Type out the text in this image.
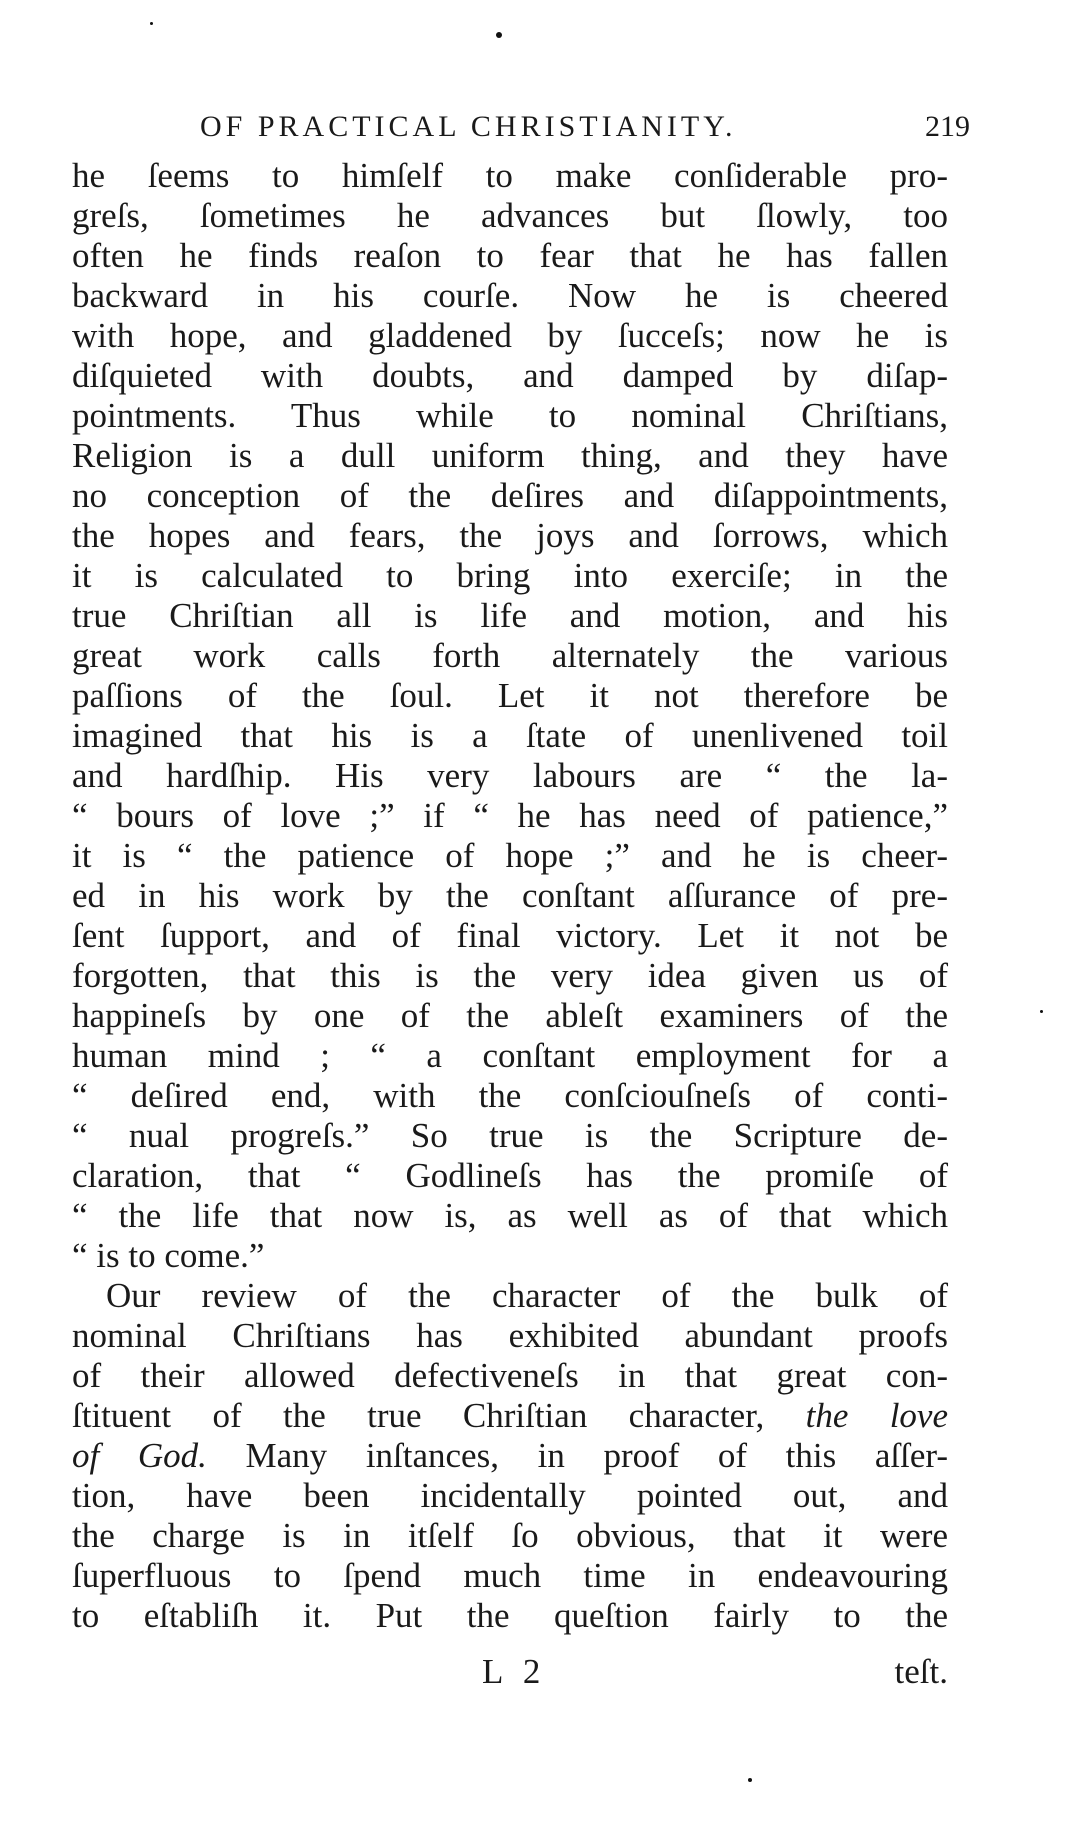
OF PRACTICAL CHRISTIANITY.	219
he ſeems to himſelf to make conſiderable pro-
greſs, ſometimes he advances but ſlowly, too
often he finds reaſon to fear that he has fallen
backward in his courſe. Now he is cheered
with hope, and gladdened by ſucceſs; now he is
diſquieted with doubts, and damped by diſap-
pointments. Thus while to nominal Chriſtians,
Religion is a dull uniform thing, and they have
no conception of the deſires and diſappointments,
the hopes and fears, the joys and ſorrows, which
it is calculated to bring into exerciſe; in the
true Chriſtian all is life and motion, and his
great work calls forth alternately the various
paſſions of the ſoul. Let it not therefore be
imagined that his is a ſtate of unenlivened toil
and hardſhip. His very labours are “ the la-
“ bours of love ;” if “ he has need of patience,”
it is “ the patience of hope ;” and he is cheer-
ed in his work by the conſtant aſſurance of pre-
ſent ſupport, and of final victory. Let it not be
forgotten, that this is the very idea given us of
happineſs by one of the ableſt examiners of the
human mind ; “ a conſtant employment for a
“ deſired end, with the conſciouſneſs of conti-
“ nual progreſs.” So true is the Scripture de-
claration, that “ Godlineſs has the promiſe of
“ the life that now is, as well as of that which
“ is to come.”
Our review of the character of the bulk of
nominal Chriſtians has exhibited abundant proofs
of their allowed defectiveneſs in that great con-
ſtituent of the true Chriſtian character, the love
of God. Many inſtances, in proof of this aſſer-
tion, have been incidentally pointed out, and
the charge is in itſelf ſo obvious, that it were
ſuperfluous to ſpend much time in endeavouring
to eſtabliſh it. Put the queſtion fairly to the
L 2	teſt.
